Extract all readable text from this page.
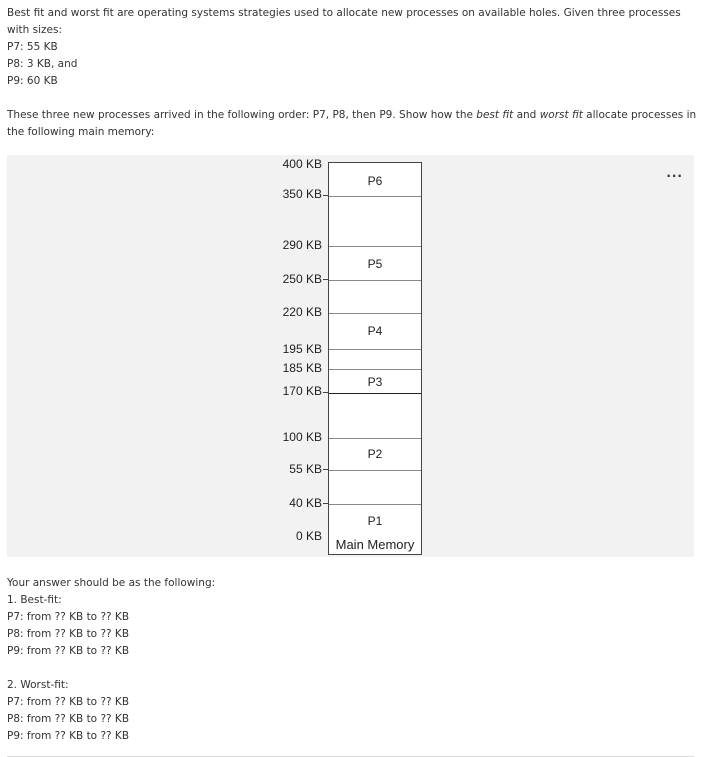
Best fit and worst fit are operating systems strategies used to allocate new processes on available holes. Given three processes with sizes:
P7: 55 KB
P8: 3 KB, and
P9: 60 KB
These three new processes arrived in the following order: P7, P8, then P9. Show how the best fit and worst fit allocate processes in the following main memory:
...
400 KB
350 KB
290 KB
250 KB
220 KB
195 KB
185 KB
170 KB
100 KB
55 KB
40 KB
0 KB
P6
P5
P4
P3
P2
P1
Main Memory
Your answer should be as the following:
1. Best-fit:
P7: from ?? KB to ?? KB
P8: from ?? KB to ?? KB
P9: from ?? KB to ?? KB
2. Worst-fit:
P7: from ?? KB to ?? KB
P8: from ?? KB to ?? KB
P9: from ?? KB to ?? KB
